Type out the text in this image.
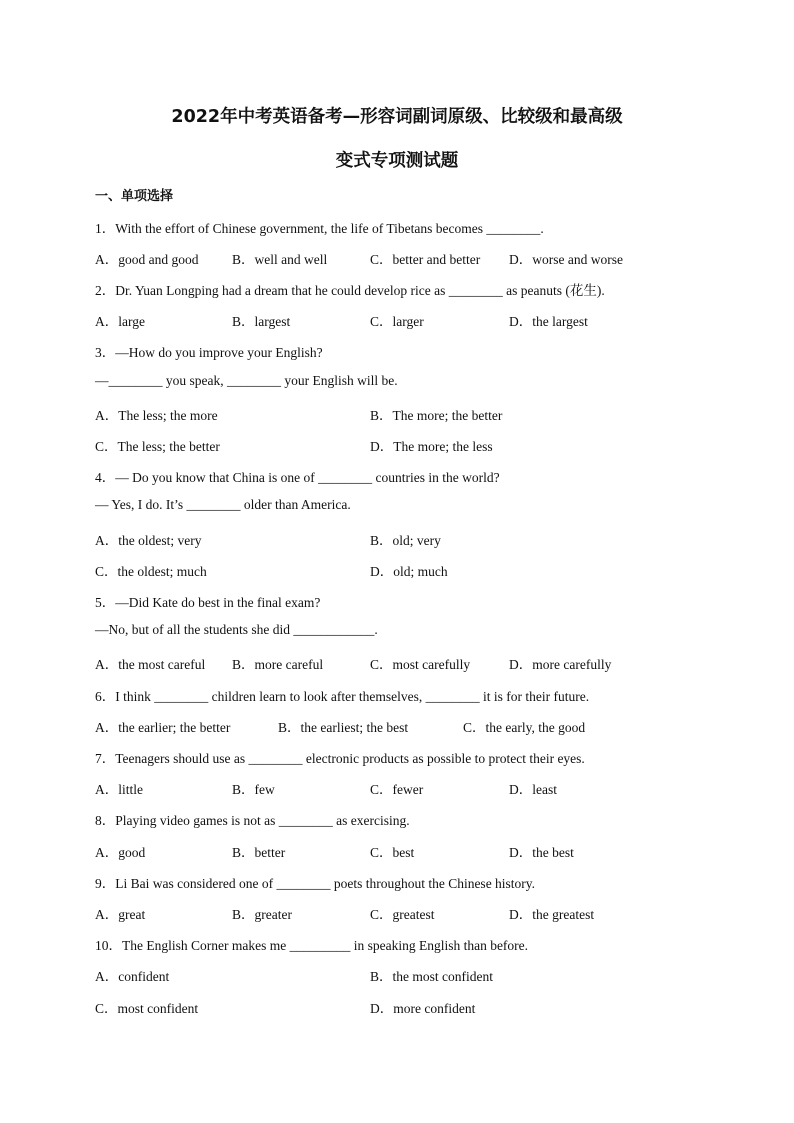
2022年中考英语备考—形容词副词原级、比较级和最高级
变式专项测试题
一、单项选择
1．With the effort of Chinese government, the life of Tibetans becomes ________.
A．good and good B．well and well	C．better and better D．worse and worse
2．Dr. Yuan Longping had a dream that he could develop rice as ________ as peanuts (花生).
A．large	B．largest	C．larger	D．the largest
3．—How do you improve your English?
—________ you speak, ________ your English will be.
A．The less; the more	B．The more; the better
C．The less; the better	D．The more; the less
4．— Do you know that China is one of ________ countries in the world?
— Yes, I do. It’s ________ older than America.
A．the oldest; very	B．old; very
C．the oldest; much	D．old; much
5．—Did Kate do best in the final exam?
—No, but of all the students she did ____________.
A．the most careful B．more careful	C．most carefully	D．more carefully
6．I think ________ children learn to look after themselves, ________ it is for their future.
A．the earlier; the better	B．the earliest; the best	C．the early, the good
7．Teenagers should use as ________ electronic products as possible to protect their eyes.
A．little	B．few	C．fewer	D．least
8．Playing video games is not as ________ as exercising.
A．good	B．better	C．best	D．the best
9．Li Bai was considered one of ________ poets throughout the Chinese history.
A．great	B．greater	C．greatest	D．the greatest
10．The English Corner makes me _________ in speaking English than before.
A．confident	B．the most confident
C．most confident	D．more confident
